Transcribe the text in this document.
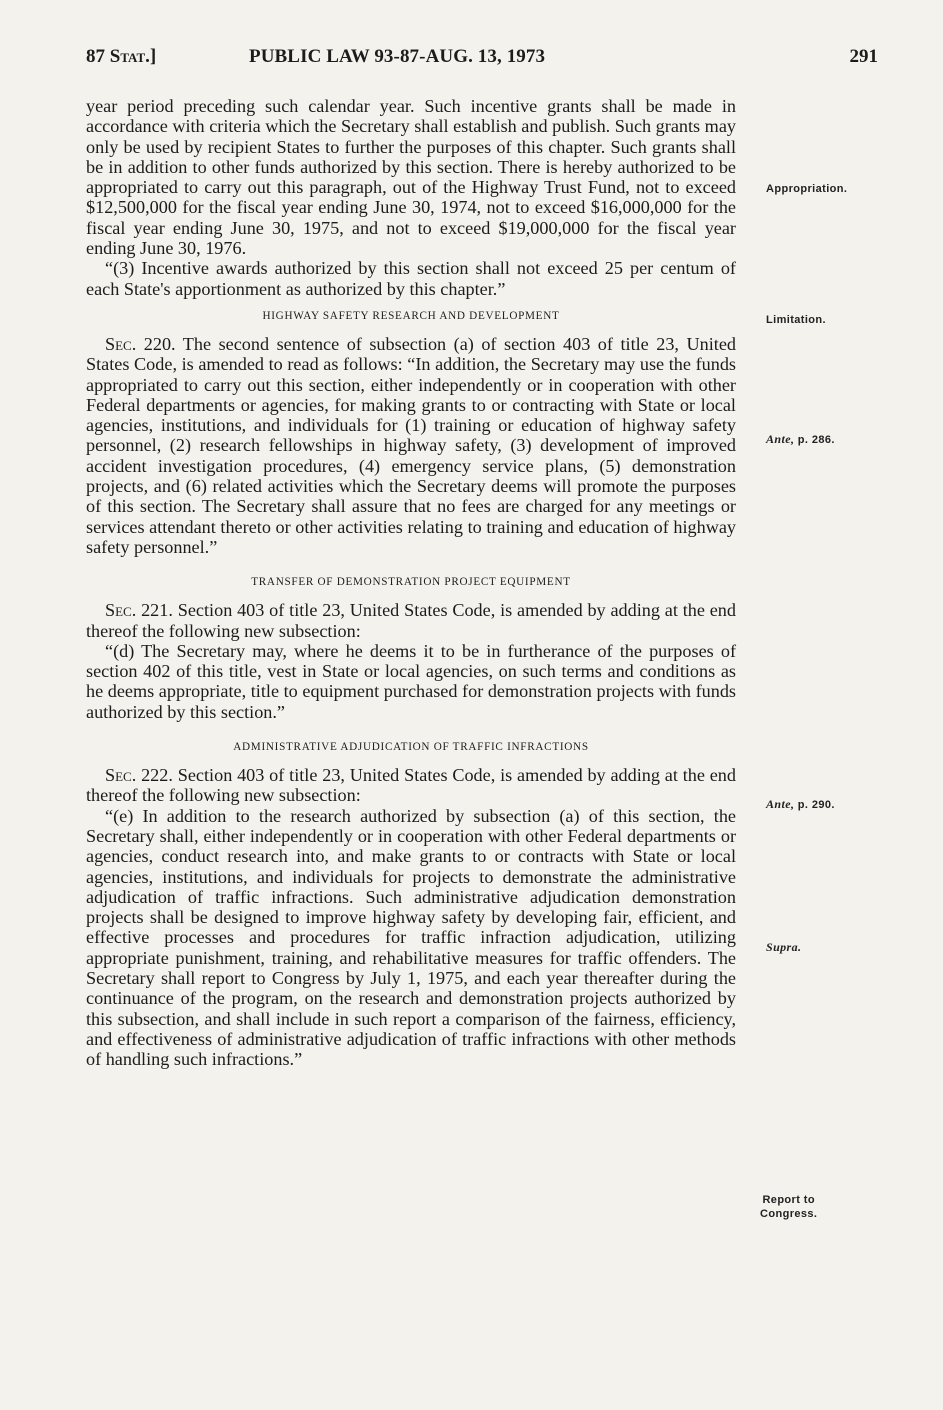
87 Stat.]	PUBLIC LAW 93-87-AUG. 13, 1973	291

year period preceding such calendar year. Such incentive grants shall be made in accordance with criteria which the Secretary shall establish and publish. Such grants may only be used by recipient States to further the purposes of this chapter. Such grants shall be in addition to other funds authorized by this section. There is hereby authorized to be appropriated to carry out this paragraph, out of the Highway Trust Fund, not to exceed $12,500,000 for the fiscal year ending June 30, 1974, not to exceed $16,000,000 for the fiscal year ending June 30, 1975, and not to exceed $19,000,000 for the fiscal year ending June 30, 1976.

“(3) Incentive awards authorized by this section shall not exceed 25 per centum of each State's apportionment as authorized by this chapter.”

HIGHWAY SAFETY RESEARCH AND DEVELOPMENT

Sec. 220. The second sentence of subsection (a) of section 403 of title 23, United States Code, is amended to read as follows: “In addition, the Secretary may use the funds appropriated to carry out this section, either independently or in cooperation with other Federal departments or agencies, for making grants to or contracting with State or local agencies, institutions, and individuals for (1) training or education of highway safety personnel, (2) research fellowships in highway safety, (3) development of improved accident investigation procedures, (4) emergency service plans, (5) demonstration projects, and (6) related activities which the Secretary deems will promote the purposes of this section. The Secretary shall assure that no fees are charged for any meetings or services attendant thereto or other activities relating to training and education of highway safety personnel.”

TRANSFER OF DEMONSTRATION PROJECT EQUIPMENT

Sec. 221. Section 403 of title 23, United States Code, is amended by adding at the end thereof the following new subsection:

“(d) The Secretary may, where he deems it to be in furtherance of the purposes of section 402 of this title, vest in State or local agencies, on such terms and conditions as he deems appropriate, title to equipment purchased for demonstration projects with funds authorized by this section.”

ADMINISTRATIVE ADJUDICATION OF TRAFFIC INFRACTIONS

Sec. 222. Section 403 of title 23, United States Code, is amended by adding at the end thereof the following new subsection:

“(e) In addition to the research authorized by subsection (a) of this section, the Secretary shall, either independently or in cooperation with other Federal departments or agencies, conduct research into, and make grants to or contracts with State or local agencies, institutions, and individuals for projects to demonstrate the administrative adjudication of traffic infractions. Such administrative adjudication demonstration projects shall be designed to improve highway safety by developing fair, efficient, and effective processes and procedures for traffic infraction adjudication, utilizing appropriate punishment, training, and rehabilitative measures for traffic offenders. The Secretary shall report to Congress by July 1, 1975, and each year thereafter during the continuance of the program, on the research and demonstration projects authorized by this subsection, and shall include in such report a comparison of the fairness, efficiency, and effectiveness of administrative adjudication of traffic infractions with other methods of handling such infractions.”

Appropriation.
Limitation.
Ante, p. 286.
Ante, p. 290.
Supra.
Report to
Congress.
